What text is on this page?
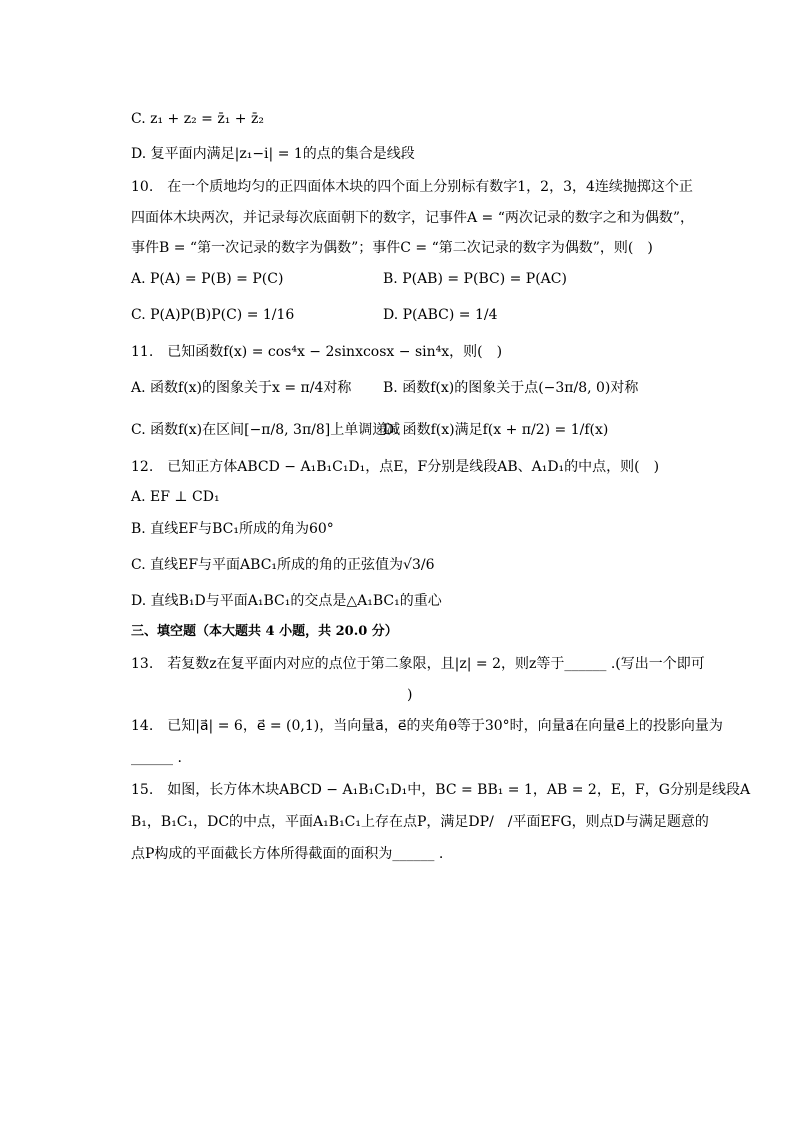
C. z₁ + z₂ = z̄₁ + z̄₂
D. 复平面内满足|z₁−i| = 1的点的集合是线段
10.　在一个质地均匀的正四面体木块的四个面上分别标有数字1，2，3，4连续抛掷这个正
四面体木块两次，并记录每次底面朝下的数字，记事件A = “两次记录的数字之和为偶数”，
事件B = “第一次记录的数字为偶数”；事件C = “第二次记录的数字为偶数”，则(　)
A. P(A) = P(B) = P(C)	B. P(AB) = P(BC) = P(AC)
C. P(A)P(B)P(C) = 1/16	D. P(ABC) = 1/4
11.　已知函数f(x) = cos⁴x − 2sinxcosx − sin⁴x，则(　)
A. 函数f(x)的图象关于x = π/4对称 B. 函数f(x)的图象关于点(−3π/8, 0)对称
C. 函数f(x)在区间[−π/8, 3π/8]上单调递减
D. 函数f(x)满足f(x + π/2) = 1/f(x)
12.　已知正方体ABCD − A₁B₁C₁D₁，点E，F分别是线段AB、A₁D₁的中点，则(　)
A. EF ⊥ CD₁
B. 直线EF与BC₁所成的角为60°
C. 直线EF与平面ABC₁所成的角的正弦值为√3/6
D. 直线B₁D与平面A₁BC₁的交点是△A₁BC₁的重心
三、填空题（本大题共 4 小题，共 20.0 分）
13.　若复数z在复平面内对应的点位于第二象限，且|z| = 2，则z等于______ .(写出一个即可
)
14.　已知|a⃗| = 6，e⃗ = (0,1)，当向量a⃗，e⃗的夹角θ等于30°时，向量a⃗在向量e⃗上的投影向量为
______ .
15.　如图，长方体木块ABCD − A₁B₁C₁D₁中，BC = BB₁ = 1，AB = 2，E，F，G分别是线段A
B₁，B₁C₁，DC的中点，平面A₁B₁C₁上存在点P，满足DP/　/平面EFG，则点D与满足题意的
点P构成的平面截长方体所得截面的面积为______ .
